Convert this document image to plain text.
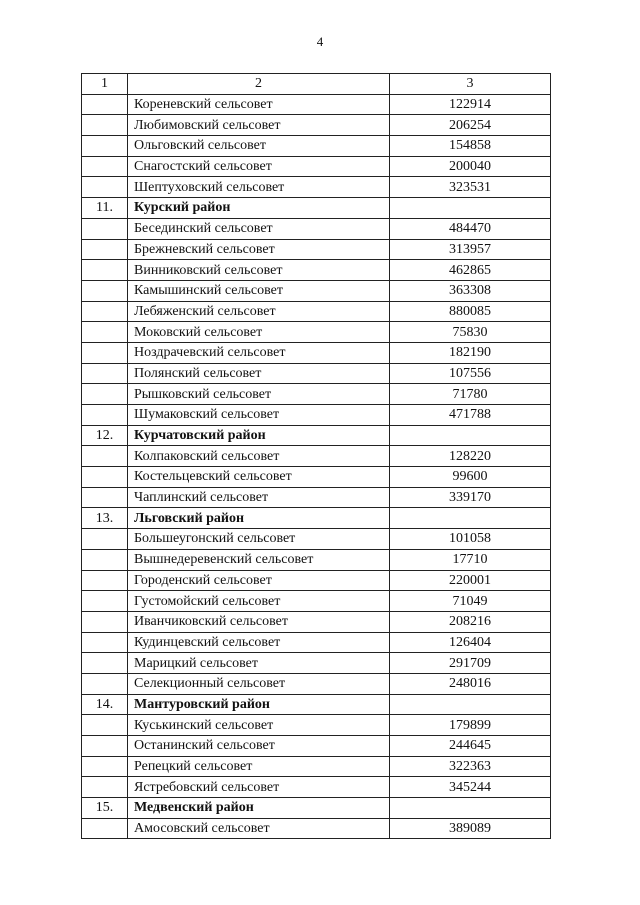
4
1	2	3
	Кореневский сельсовет	122914
	Любимовский сельсовет	206254
	Ольговский сельсовет	154858
	Снагостский сельсовет	200040
	Шептуховский сельсовет	323531
11.	Курский район	
	Бесединский сельсовет	484470
	Брежневский сельсовет	313957
	Винниковский сельсовет	462865
	Камышинский сельсовет	363308
	Лебяженский сельсовет	880085
	Моковский сельсовет	75830
	Ноздрачевский сельсовет	182190
	Полянский сельсовет	107556
	Рышковский сельсовет	71780
	Шумаковский сельсовет	471788
12.	Курчатовский район	
	Колпаковский сельсовет	128220
	Костельцевский сельсовет	99600
	Чаплинский сельсовет	339170
13.	Льговский район	
	Большеугонский сельсовет	101058
	Вышнедеревенский сельсовет	17710
	Городенский сельсовет	220001
	Густомойский сельсовет	71049
	Иванчиковский сельсовет	208216
	Кудинцевский сельсовет	126404
	Марицкий сельсовет	291709
	Селекционный сельсовет	248016
14.	Мантуровский район	
	Куськинский сельсовет	179899
	Останинский сельсовет	244645
	Репецкий сельсовет	322363
	Ястребовский сельсовет	345244
15.	Медвенский район	
	Амосовский сельсовет	389089
